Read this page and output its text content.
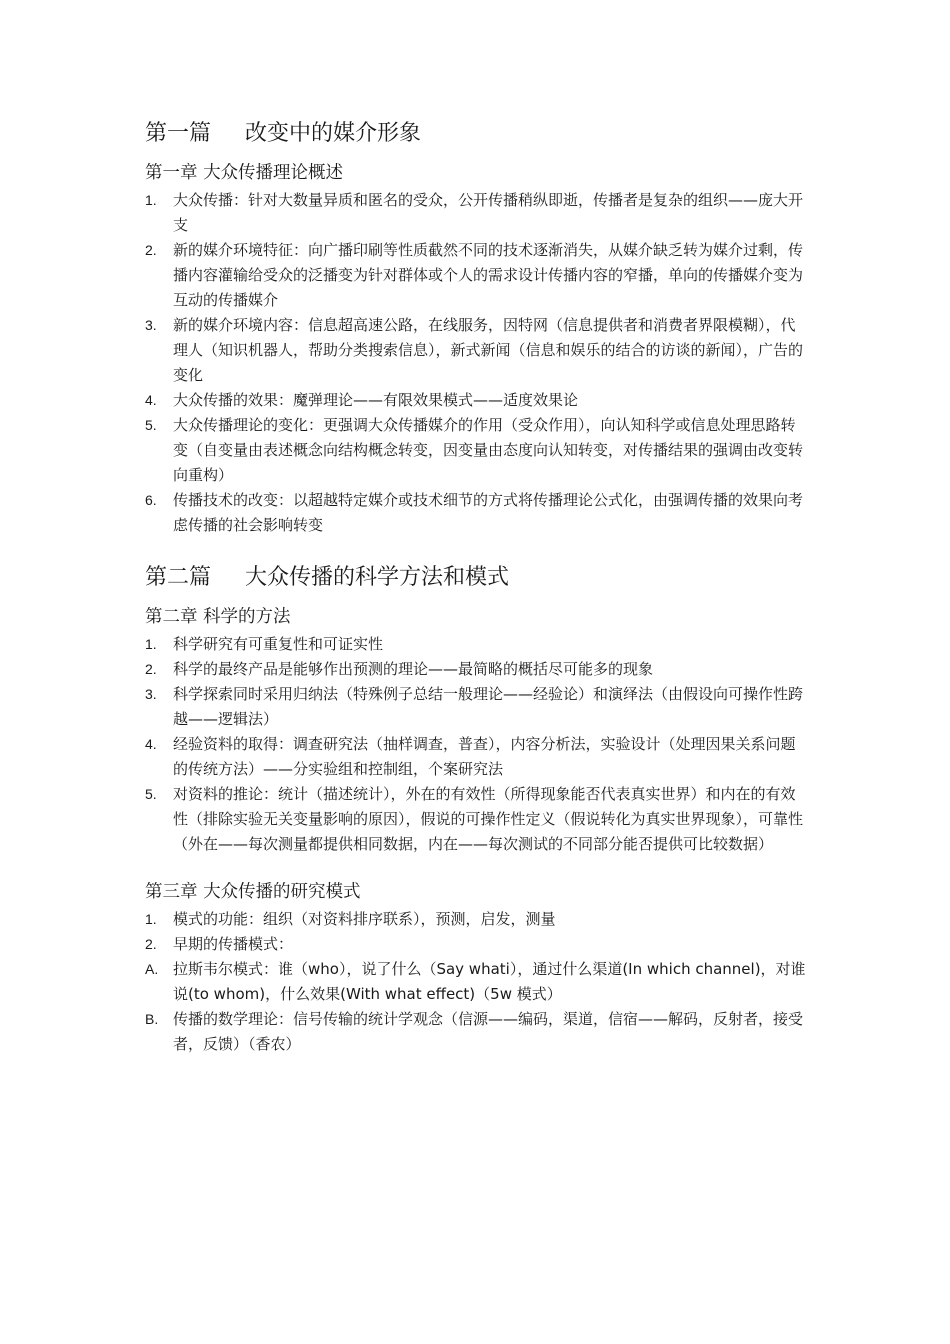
第一篇 改变中的媒介形象
第一章 大众传播理论概述
1. 大众传播：针对大数量异质和匿名的受众，公开传播稍纵即逝，传播者是复杂的组织——庞大开支
2. 新的媒介环境特征：向广播印刷等性质截然不同的技术逐渐消失，从媒介缺乏转为媒介过剩，传播内容灌输给受众的泛播变为针对群体或个人的需求设计传播内容的窄播，单向的传播媒介变为互动的传播媒介
3. 新的媒介环境内容：信息超高速公路，在线服务，因特网（信息提供者和消费者界限模糊），代理人（知识机器人，帮助分类搜索信息），新式新闻（信息和娱乐的结合的访谈的新闻），广告的变化
4. 大众传播的效果：魔弹理论——有限效果模式——适度效果论
5. 大众传播理论的变化：更强调大众传播媒介的作用（受众作用），向认知科学或信息处理思路转变（自变量由表述概念向结构概念转变，因变量由态度向认知转变，对传播结果的强调由改变转向重构）
6. 传播技术的改变：以超越特定媒介或技术细节的方式将传播理论公式化，由强调传播的效果向考虑传播的社会影响转变
第二篇 大众传播的科学方法和模式
第二章 科学的方法
1. 科学研究有可重复性和可证实性
2. 科学的最终产品是能够作出预测的理论——最简略的概括尽可能多的现象
3. 科学探索同时采用归纳法（特殊例子总结一般理论——经验论）和演绎法（由假设向可操作性跨越——逻辑法）
4. 经验资料的取得：调查研究法（抽样调查，普查），内容分析法，实验设计（处理因果关系问题的传统方法）——分实验组和控制组，个案研究法
5. 对资料的推论：统计（描述统计），外在的有效性（所得现象能否代表真实世界）和内在的有效性（排除实验无关变量影响的原因），假说的可操作性定义（假说转化为真实世界现象），可靠性（外在——每次测量都提供相同数据，内在——每次测试的不同部分能否提供可比较数据）
第三章 大众传播的研究模式
1. 模式的功能：组织（对资料排序联系），预测，启发，测量
2. 早期的传播模式：
A. 拉斯韦尔模式：谁（who），说了什么（Say whati），通过什么渠道(In which channel)，对谁说(to whom)，什么效果(With what effect)（5w 模式）
B. 传播的数学理论：信号传输的统计学观念（信源——编码，渠道，信宿——解码，反射者，接受者，反馈）（香农）
